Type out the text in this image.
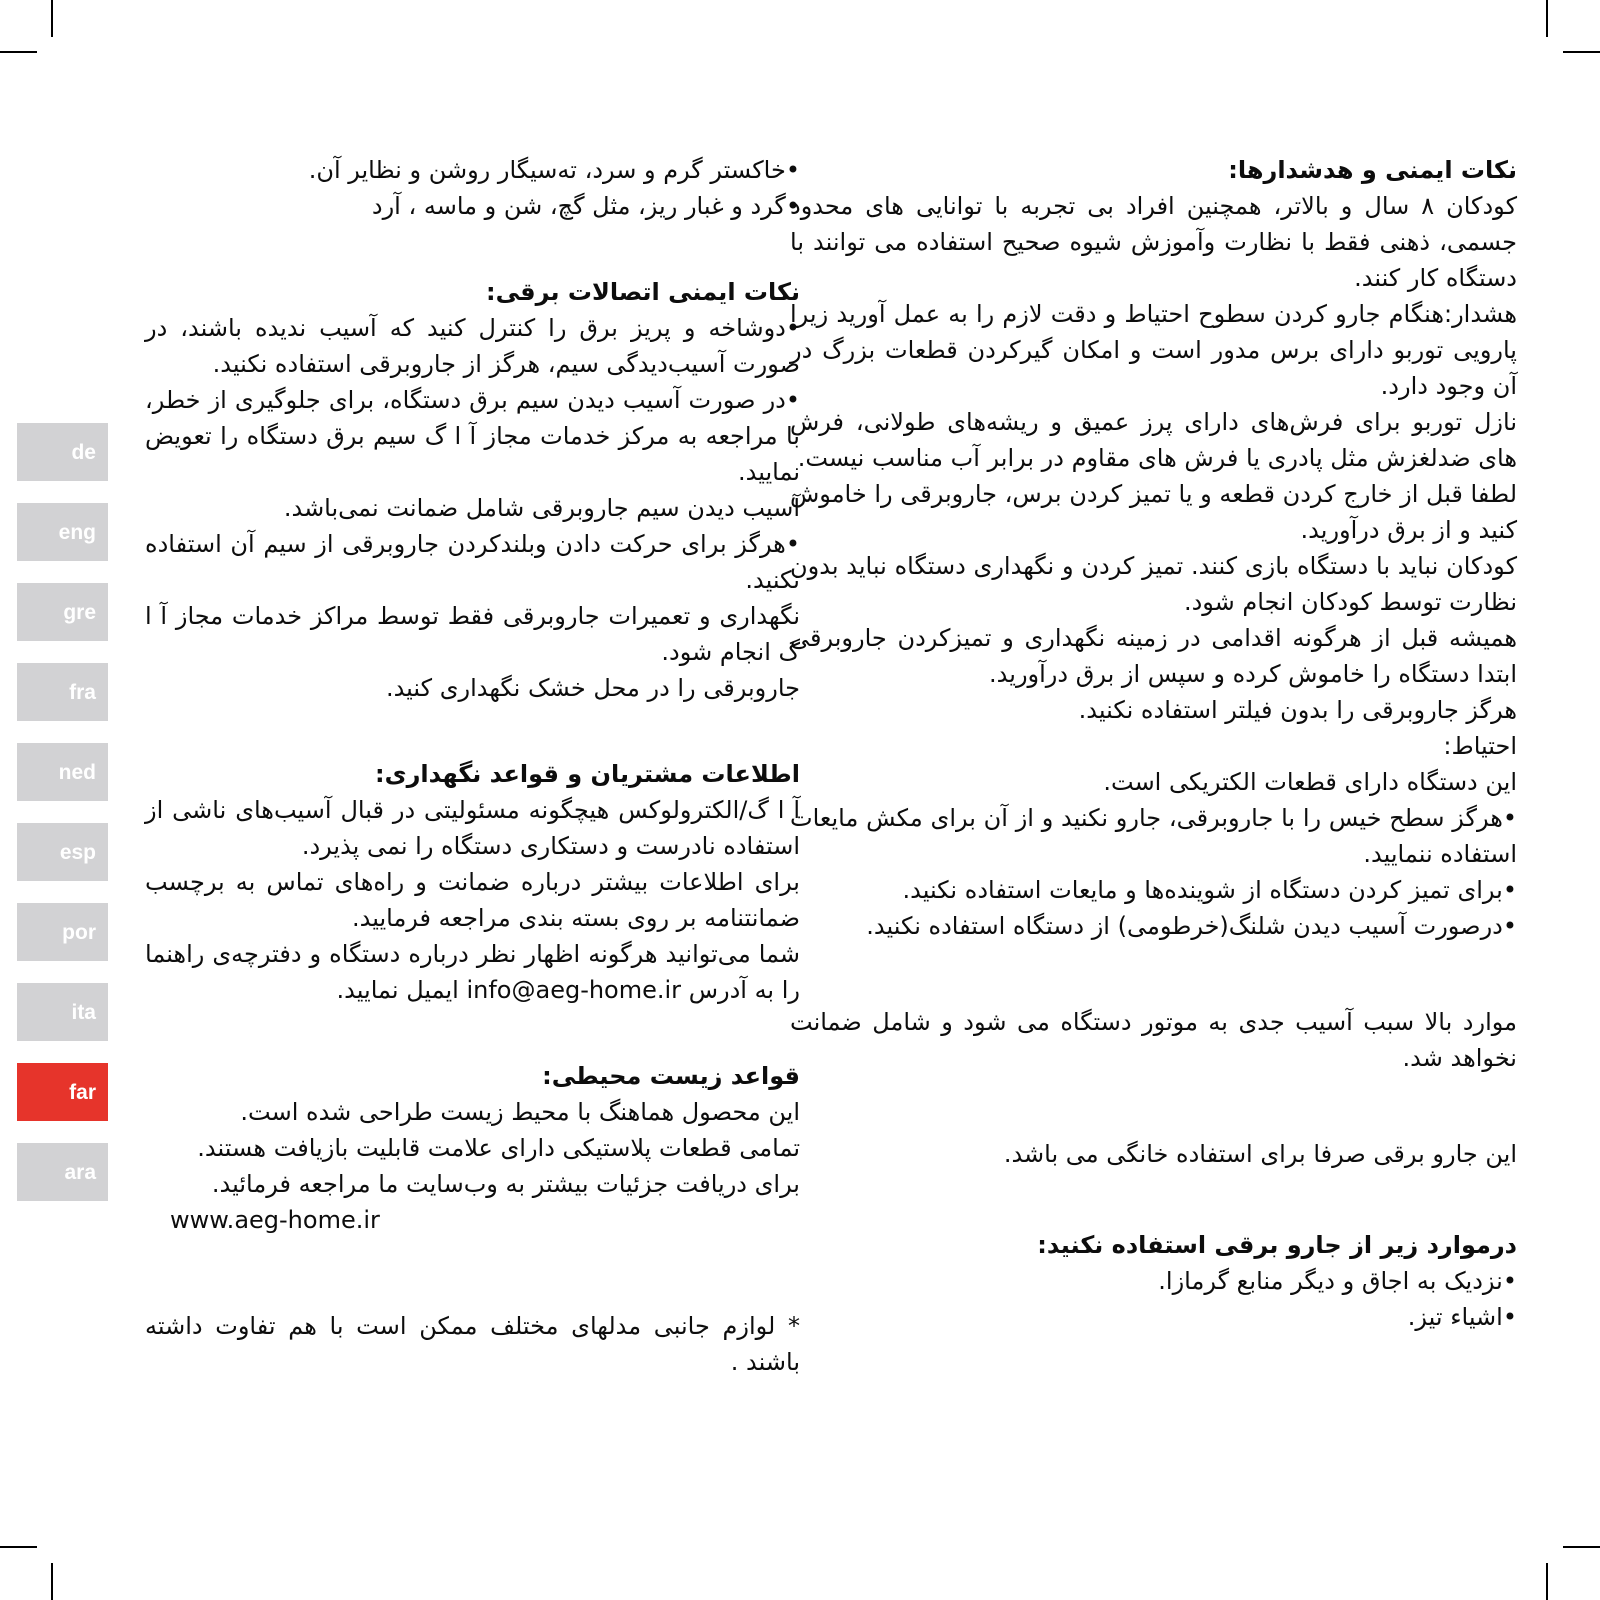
de
eng
gre
fra
ned
esp
por
ita
far
ara

نکات ایمنی و هدشدارها:

کودکان ۸ سال و بالاتر، همچنین افراد بی تجربه با توانایی های محدود جسمی، ذهنی فقط با نظارت وآموزش شیوه صحیح استفاده می توانند با دستگاه کار کنند.

هشدار:هنگام جارو کردن سطوح احتیاط و دقت لازم را به عمل آورید زیرا پارویی توربو دارای برس مدور است و امکان گیرکردن قطعات بزرگ در آن وجود دارد.

نازل توربو برای فرش‌های دارای پرز عمیق و ریشه‌های طولانی، فرش های ضدلغزش مثل پادری یا فرش های مقاوم در برابر آب مناسب نیست.

لطفا قبل از خارج کردن قطعه و یا تمیز کردن برس، جاروبرقی را خاموش کنید و از برق درآورید.

کودکان نباید با دستگاه بازی کنند. تمیز کردن و نگهداری دستگاه نباید بدون نظارت توسط کودکان انجام شود.

همیشه قبل از هرگونه اقدامی در زمینه نگهداری و تمیزکردن جاروبرقی ابتدا دستگاه را خاموش کرده و سپس از برق درآورید.

هرگز جاروبرقی را بدون فیلتر استفاده نکنید.

احتیاط:

این دستگاه دارای قطعات الکتریکی است.

•هرگز سطح خیس را با جاروبرقی، جارو نکنید و از آن برای مکش مایعات استفاده ننمایید.

•برای تمیز کردن دستگاه از شوینده‌ها و مایعات استفاده نکنید.

•درصورت آسیب دیدن شلنگ(خرطومی) از دستگاه استفاده نکنید.

موارد بالا سبب آسیب جدی به موتور دستگاه می شود و شامل ضمانت نخواهد شد.

این جارو برقی صرفا برای استفاده خانگی می باشد.

درموارد زیر از جارو برقی استفاده نکنید:

•نزدیک به اجاق و دیگر منابع گرمازا.

•اشیاء تیز.

•خاکستر گرم و سرد، ته‌سیگار روشن و نظایر آن.

•گرد و غبار ریز، مثل گچ، شن و ماسه ، آرد

نکات ایمنی اتصالات برقی:

•دوشاخه و پریز برق را کنترل کنید که آسیب ندیده باشند، در صورت آسیب‌دیدگی سیم، هرگز از جاروبرقی استفاده نکنید.

•در صورت آسیب دیدن سیم برق دستگاه، برای جلوگیری از خطر، با مراجعه به مرکز خدمات مجاز آ ا گ سیم برق دستگاه را تعویض نمایید.

آسیب دیدن سیم جاروبرقی شامل ضمانت نمی‌باشد.

•هرگز برای حرکت دادن وبلندکردن جاروبرقی از سیم آن استفاده نکنید.

نگهداری و تعمیرات جاروبرقی فقط توسط مراکز خدمات مجاز آ ا گ انجام شود.

جاروبرقی را در محل خشک نگهداری کنید.

اطلاعات مشتریان و قواعد نگهداری:

آ ا گ/الکترولوکس هیچگونه مسئولیتی در قبال آسیب‌های ناشی از استفاده نادرست و دستکاری دستگاه را نمی پذیرد.

برای اطلاعات بیشتر درباره ضمانت و راه‌های تماس به برچسب ضمانتنامه بر روی بسته بندی مراجعه فرمایید.

شما می‌توانید هرگونه اظهار نظر درباره دستگاه و دفترچه‌ی راهنما را به آدرس info@aeg-home.ir ایمیل نمایید.

قواعد زیست محیطی:

این محصول هماهنگ با محیط زیست طراحی شده است.

تمامی قطعات پلاستیکی دارای علامت قابلیت بازیافت هستند.

برای دریافت جزئیات بیشتر به وب‌سایت ما مراجعه فرمائید.

www.aeg-home.ir

* لوازم جانبی مدلهای مختلف ممکن است با هم تفاوت داشته باشند .
